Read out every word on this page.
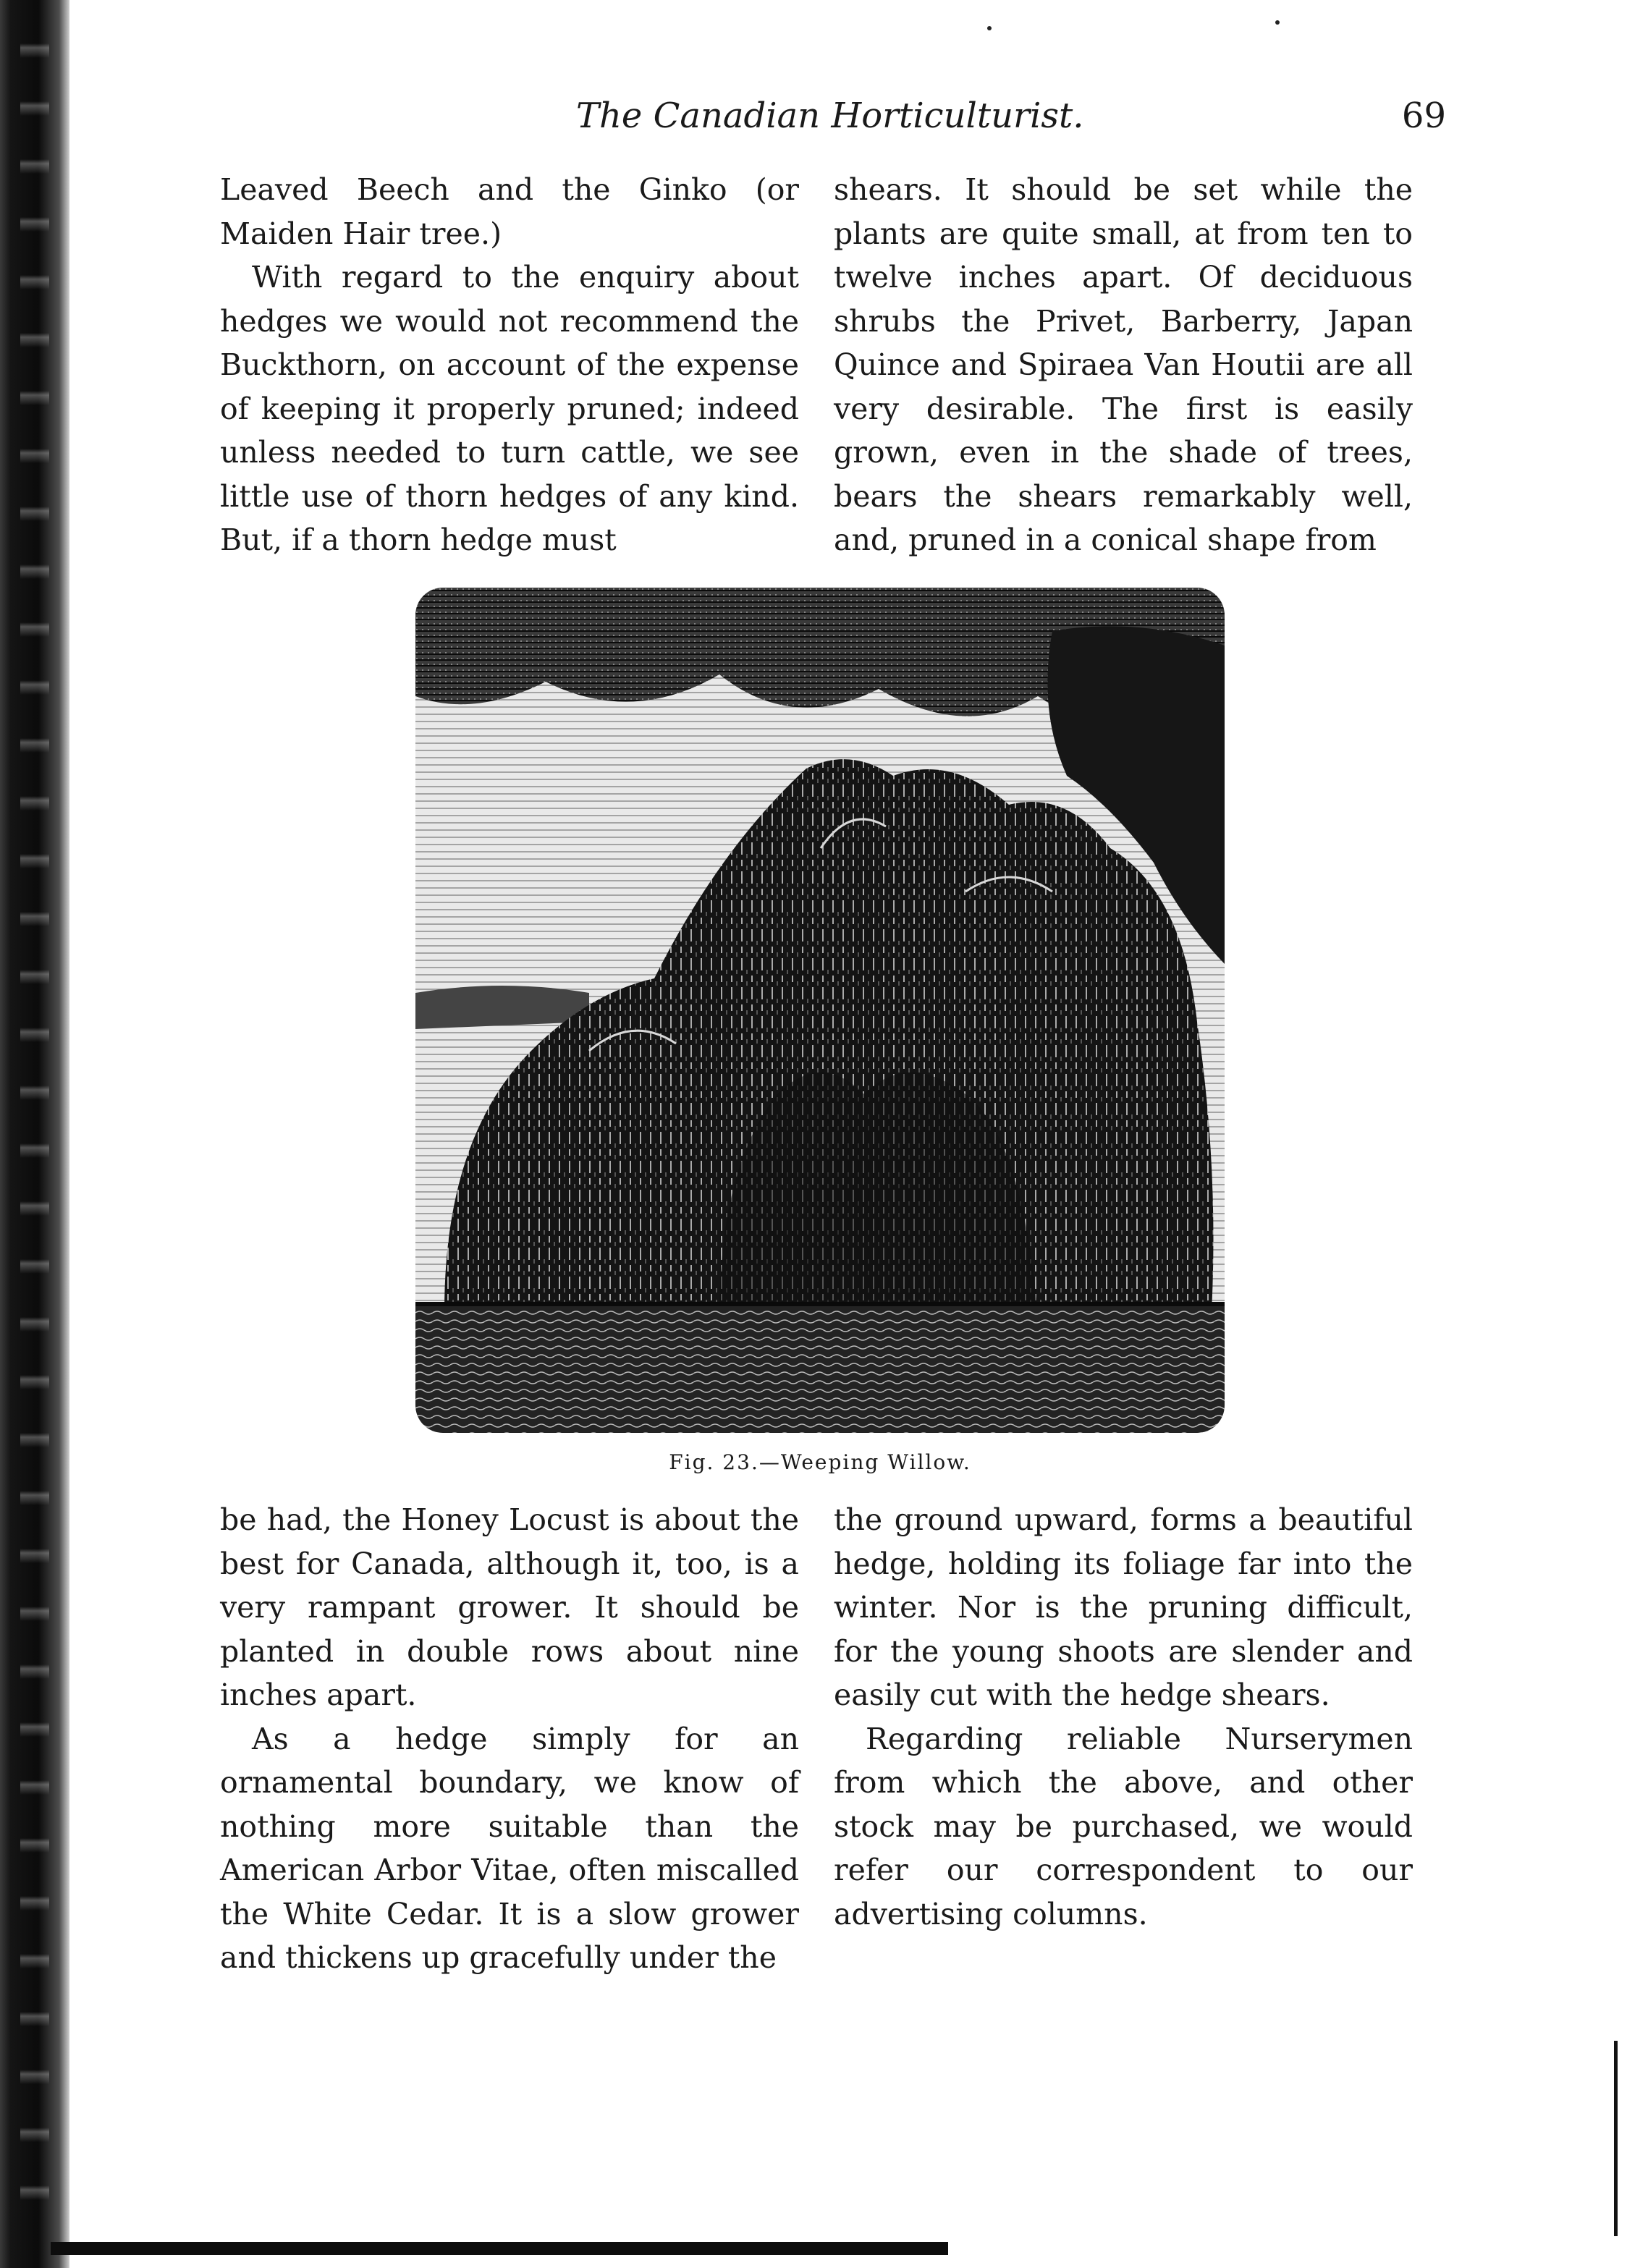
The Canadian Horticulturist.	69

Leaved Beech and the Ginko (or Maiden Hair tree.)

With regard to the enquiry about hedges we would not recommend the Buckthorn, on account of the expense of keeping it properly pruned; indeed unless needed to turn cattle, we see little use of thorn hedges of any kind. But, if a thorn hedge must

shears. It should be set while the plants are quite small, at from ten to twelve inches apart. Of deciduous shrubs the Privet, Barberry, Japan Quince and Spiraea Van Houtii are all very desirable. The first is easily grown, even in the shade of trees, bears the shears remarkably well, and, pruned in a conical shape from

Fig. 23.—Weeping Willow.

be had, the Honey Locust is about the best for Canada, although it, too, is a very rampant grower. It should be planted in double rows about nine inches apart.

As a hedge simply for an ornamental boundary, we know of nothing more suitable than the American Arbor Vitae, often miscalled the White Cedar. It is a slow grower and thickens up gracefully under the

the ground upward, forms a beautiful hedge, holding its foliage far into the winter. Nor is the pruning difficult, for the young shoots are slender and easily cut with the hedge shears.

Regarding reliable Nurserymen from which the above, and other stock may be purchased, we would refer our correspondent to our advertising columns.
